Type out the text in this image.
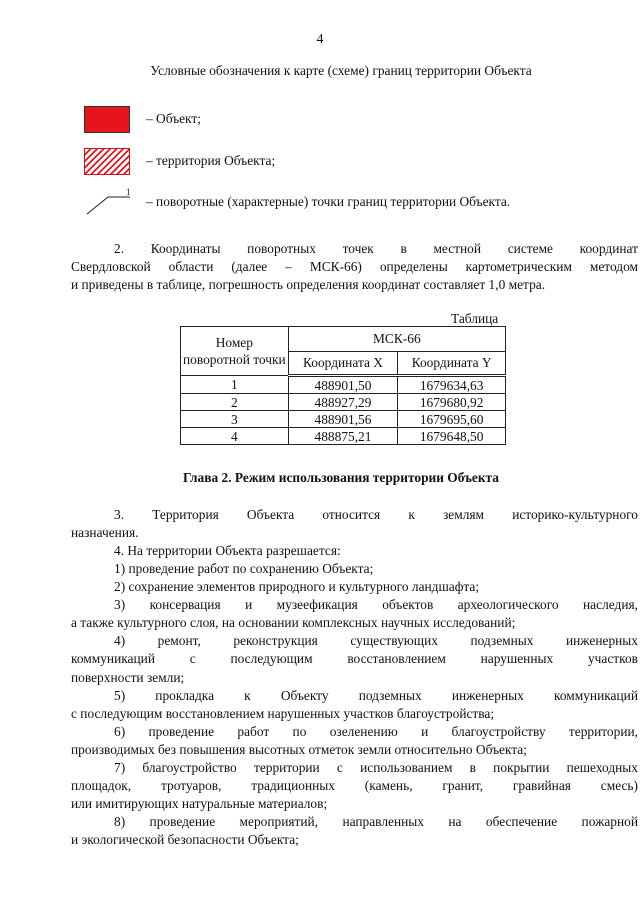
4
Условные обозначения к карте (схеме) границ территории Объекта
– Объект;
– территория Объекта;
1
– поворотные (характерные) точки границ территории Объекта.
2. Координаты поворотных точек в местной системе координат
Свердловской области (далее – МСК-66) определены картометрическим методом
и приведены в таблице, погрешность определения координат составляет 1,0 метра.
Таблица
Номер поворотной точки	МСК-66	
	Координата X	Координата Y
1	488901,50	1679634,63
2	488927,29	1679680,92
3	488901,56	1679695,60
4	488875,21	1679648,50
Глава 2. Режим использования территории Объекта
3. Территория Объекта относится к землям историко-культурного
назначения.
4. На территории Объекта разрешается:
1) проведение работ по сохранению Объекта;
2) сохранение элементов природного и культурного ландшафта;
3) консервация и музеефикация объектов археологического наследия,
а также культурного слоя, на основании комплексных научных исследований;
4) ремонт, реконструкция существующих подземных инженерных
коммуникаций с последующим восстановлением нарушенных участков
поверхности земли;
5) прокладка к Объекту подземных инженерных коммуникаций
с последующим восстановлением нарушенных участков благоустройства;
6) проведение работ по озеленению и благоустройству территории,
производимых без повышения высотных отметок земли относительно Объекта;
7) благоустройство территории с использованием в покрытии пешеходных
площадок, тротуаров, традиционных (камень, гранит, гравийная смесь)
или имитирующих натуральные материалов;
8) проведение мероприятий, направленных на обеспечение пожарной
и экологической безопасности Объекта;
